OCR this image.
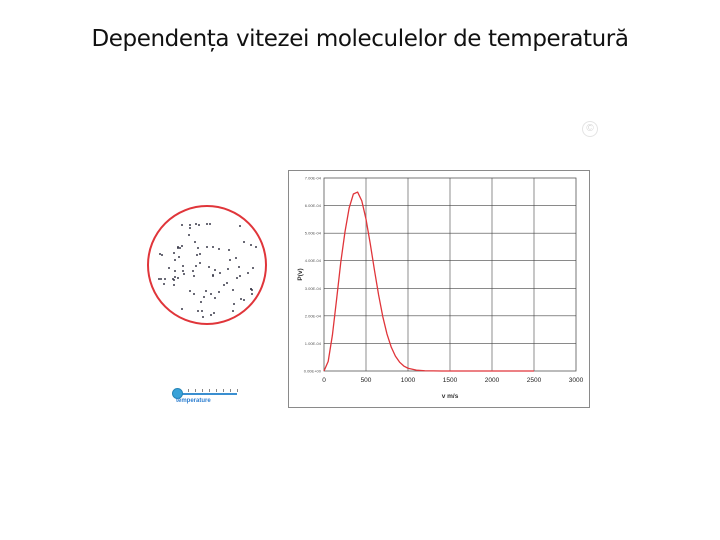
Dependența vitezei moleculelor de temperatură
©
temperature
0	500	1000	1500	2000	2500	3000
0.00E+00
1.00E-04
2.00E-04
3.00E-04
4.00E-04
5.00E-04
6.00E-04
7.00E-04
v m/s
P(v)
